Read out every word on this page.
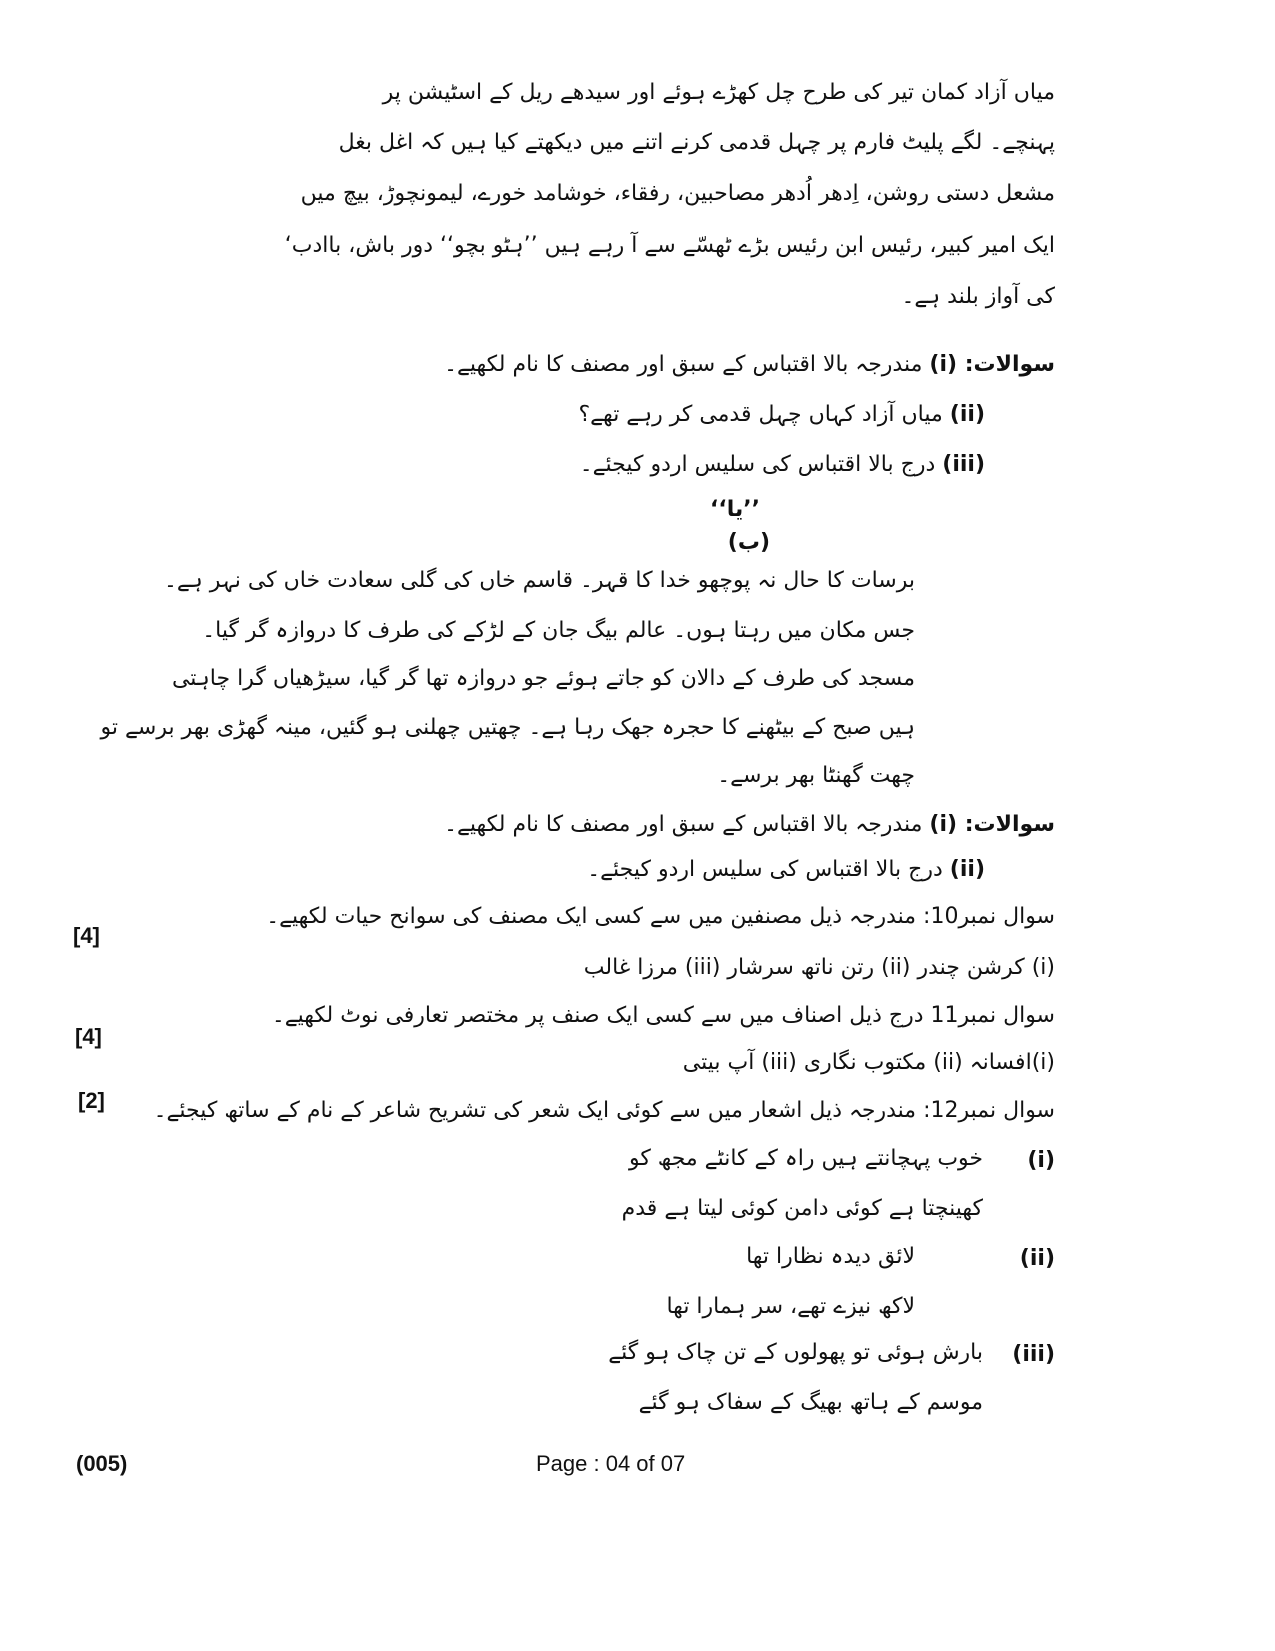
میاں آزاد کمان تیر کی طرح چل کھڑے ہوئے اور سیدھے ریل کے اسٹیشن پر
پہنچے۔ لگے پلیٹ فارم پر چہل قدمی کرنے اتنے میں دیکھتے کیا ہیں کہ اغل بغل
مشعل دستی روشن، اِدھر اُدھر مصاحبین، رفقاء، خوشامد خورے، لیمونچوڑ، بیچ میں
ایک امیر کبیر، رئیس ابن رئیس بڑے ٹھسّے سے آ رہے ہیں ’’ہٹو بچو‘‘ دور باش، باادب‘
کی آواز بلند ہے۔
سوالات: (i) مندرجہ بالا اقتباس کے سبق اور مصنف کا نام لکھیے۔
(ii) میاں آزاد کہاں چہل قدمی کر رہے تھے؟
(iii) درج بالا اقتباس کی سلیس اردو کیجئے۔
’’یا‘‘
(ب)
برسات کا حال نہ پوچھو خدا کا قہر۔ قاسم خاں کی گلی سعادت خاں کی نہر ہے۔
جس مکان میں رہتا ہوں۔ عالم بیگ جان کے لڑکے کی طرف کا دروازہ گر گیا۔
مسجد کی طرف کے دالان کو جاتے ہوئے جو دروازہ تھا گر گیا، سیڑھیاں گرا چاہتی
ہیں صبح کے بیٹھنے کا حجرہ جھک رہا ہے۔ چھتیں چھلنی ہو گئیں، مینہ گھڑی بھر برسے تو
چھت گھنٹا بھر برسے۔
سوالات: (i) مندرجہ بالا اقتباس کے سبق اور مصنف کا نام لکھیے۔
(ii) درج بالا اقتباس کی سلیس اردو کیجئے۔
سوال نمبر10: مندرجہ ذیل مصنفین میں سے کسی ایک مصنف کی سوانح حیات لکھیے۔
[4]
(i) کرشن چندر (ii) رتن ناتھ سرشار (iii) مرزا غالب
سوال نمبر11 درج ذیل اصناف میں سے کسی ایک صنف پر مختصر تعارفی نوٹ لکھیے۔
[4]
(i)افسانہ (ii) مکتوب نگاری (iii) آپ بیتی
[2] سوال نمبر12: مندرجہ ذیل اشعار میں سے کوئی ایک شعر کی تشریح شاعر کے نام کے ساتھ کیجئے۔
(i)
خوب پہچانتے ہیں راہ کے کانٹے مجھ کو
کھینچتا ہے کوئی دامن کوئی لیتا ہے قدم
(ii)
لائق دیدہ نظارا تھا
لاکھ نیزے تھے، سر ہمارا تھا
(iii)
بارش ہوئی تو پھولوں کے تن چاک ہو گئے
موسم کے ہاتھ بھیگ کے سفاک ہو گئے
(005)	Page : 04 of 07
